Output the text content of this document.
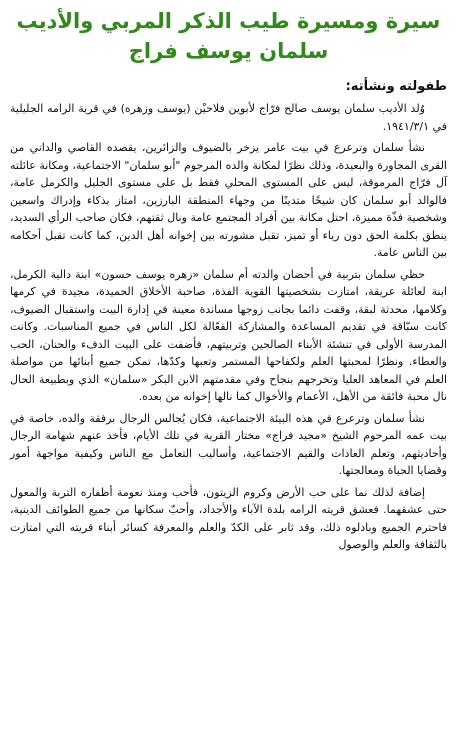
سيرة ومسيرة طيب الذكر المربي والأديب
سلمان يوسف فراج
طفولته ونشأته:

وُلد الأديب سلمان يوسف صالح فرّاج لأبوين فلاحيْن (يوسف وزهره) في قرية الرامه الجليلية في ١٩٤١/٣/١.

نشأ سلمان وترعرع في بيت عامر يزخر بالضيوف والزائرين، يقصده القاصي والداني من القرى المجاورة والبعيدة، وذلك نظرًا لمكانة والده المرحوم "أبو سلمان" الاجتماعية، ومكانة عائلته آل فرّاج المرموقة، ليس على المستوى المحلي فقط بل على مستوى الجليل والكرمل عامة، فالوالد أبو سلمان كان شيخًا متدينًا من وجهاء المنطقة البارزين، امتاز بذكاء وإدراك واسعين وشخصية فذّة مميزة، احتل مكانة بين أفراد المجتمع عامة ونال ثقتهم، فكان صاحب الرأي السديد، ينطق بكلمة الحق دون رياء أو تميز، تقبل مشورته بين إخوانه أهل الدين، كما كانت تقبل أحكامه بين الناس عامة.

حظي سلمان بتربية في أحضان والدته أم سلمان «زهره يوسف حسون» ابنة دالية الكرمل، ابنة لعائلة عريقة، امتازت بشخصيتها القوية الفذة، صاحبة الأخلاق الحميدة، مجيدة في كرمها وكلامها، محدثة لبقة، وقفت دائما بجانب زوجها مساندة معينة في إدارة البيت واستقبال الضيوف، كانت سبّاقة في تقديم المساعدة والمشاركة الفعّالة لكل الناس في جميع المناسبات. وكانت المدرسة الأولى في تنشئة الأبناء الصالحين وتربيتهم، فأضفت على البيت الدفء والحنان، الحب والعطاء. ونظرًا لمحبتها العلم ولكفاحها المستمر وتعبها وكدّها، تمكن جميع أبنائها من مواصلة العلم في المعاهد العليا وتخرجهم بنجاح وفي مقدمتهم الابن البكر «سلمان» الذي وبطبيعة الحال نال محبة فائقة من الأهل، الأعمام والأخوال كما نالها إخوانه من بعده.

نشأ سلمان وترعرع في هذه البيئة الاجتماعية، فكان يُجالس الرجال برفقة والده، خاصة في بيت عمه المرحوم الشيخ «مجيد فراج» مختار القرية في تلك الأيام، فأخذ عنهم شهامة الرجال وأحاديثهم، وتعلم العادات والقيم الاجتماعية، وأساليب التعامل مع الناس وكيفية مواجهة أمور وقضايا الحياة ومعالجتها.

إضافة لذلك نما على حب الأرض وكروم الزيتون، فأحب ومنذ نعومة أظفاره التربة والمعول حتى عشقهما. فعشق قريته الرامه بلدة الآباء والأجداد، وأحبّ سكانها من جميع الطوائف الدينية، فاحترم الجميع وبادلوه ذلك، وقد ثابر على الكدّ والعلم والمعرفة كسائر أبناء قريته التي امتازت بالثقافة والعلم والوصول
